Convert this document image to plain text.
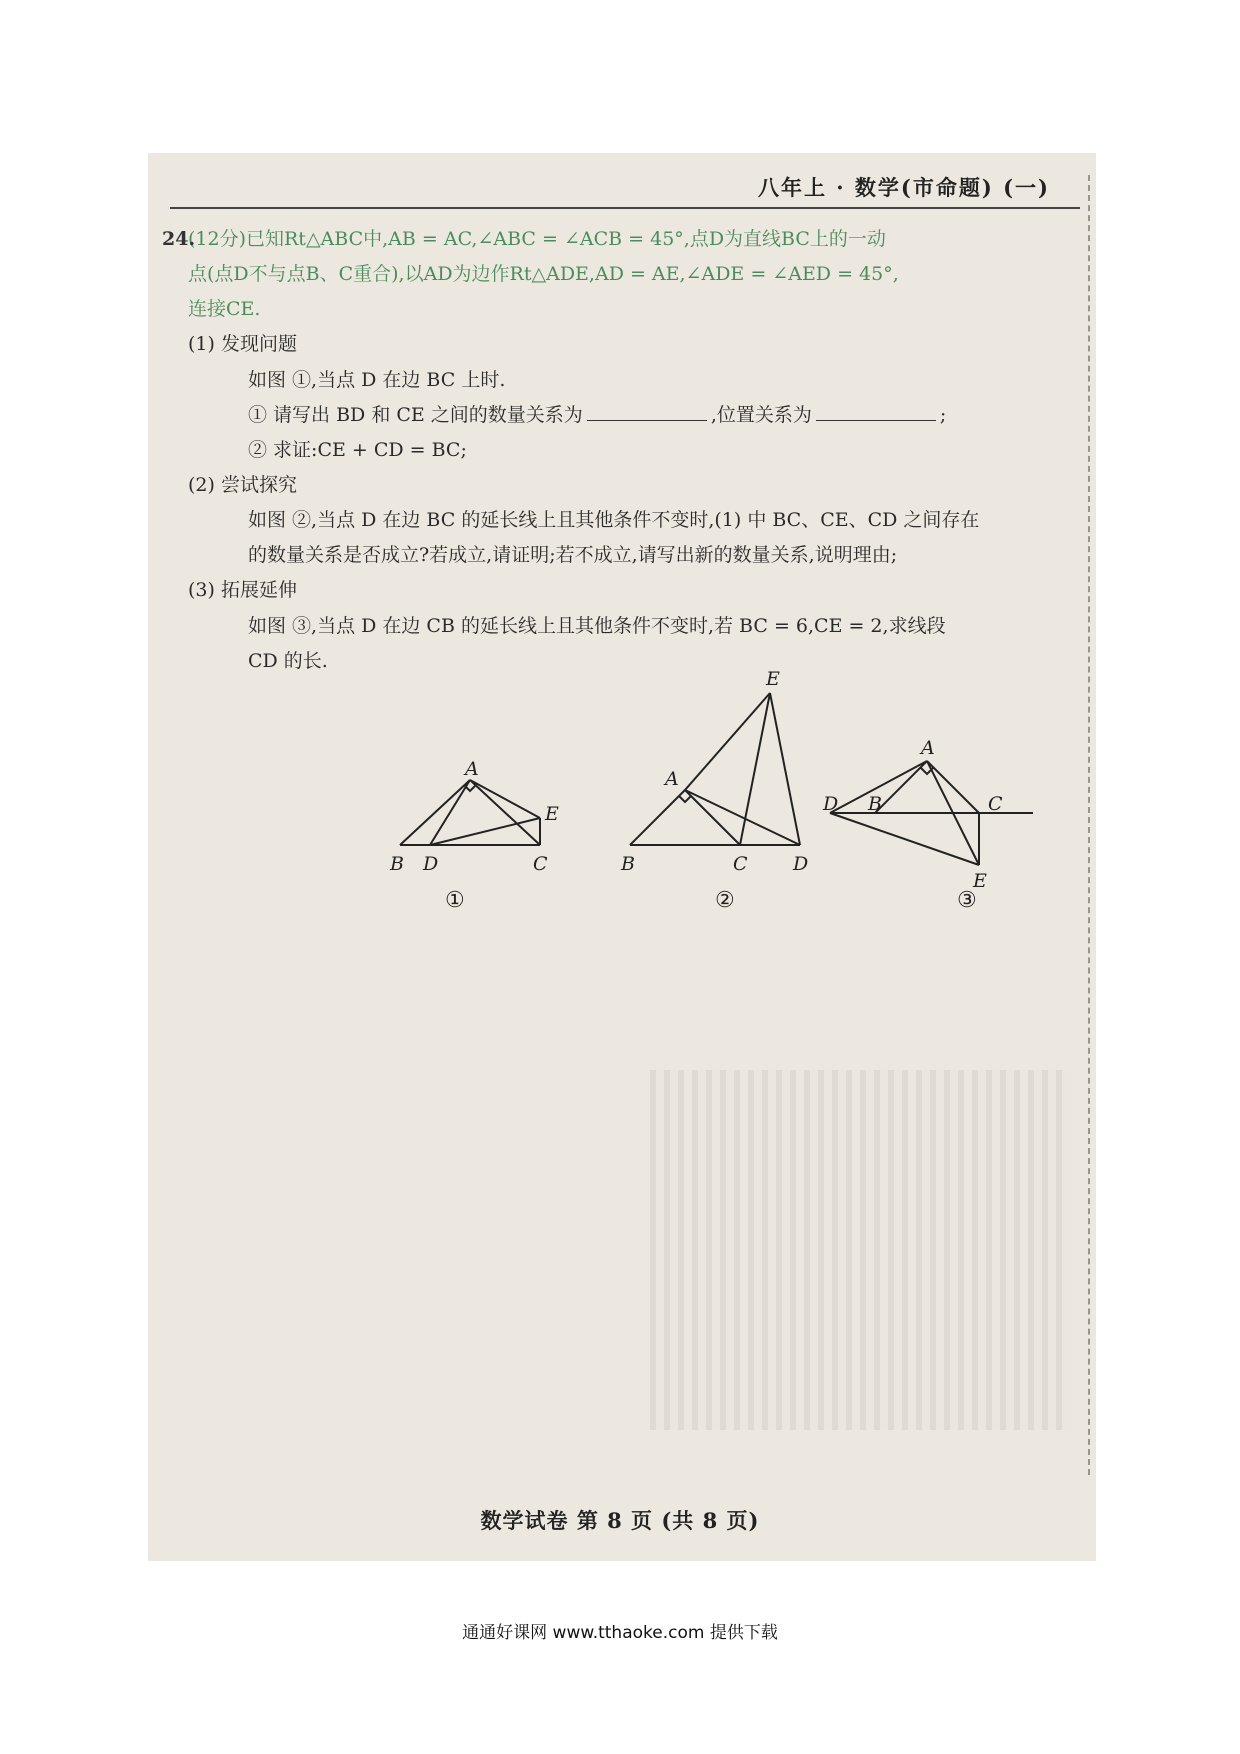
八年上 · 数学(市命题) (一)
24.

(12分)已知Rt△ABC中,AB = AC,∠ABC = ∠ACB = 45°,点D为直线BC上的一动

点(点D不与点B、C重合),以AD为边作Rt△ADE,AD = AE,∠ADE = ∠AED = 45°,

连接CE.

(1) 发现问题

如图 ①,当点 D 在边 BC 上时.

① 请写出 BD 和 CE 之间的数量关系为	,位置关系为	;

② 求证:CE + CD = BC;

(2) 尝试探究

如图 ②,当点 D 在边 BC 的延长线上且其他条件不变时,(1) 中 BC、CE、CD 之间存在

的数量关系是否成立?若成立,请证明;若不成立,请写出新的数量关系,说明理由;

(3) 拓展延伸

如图 ③,当点 D 在边 CB 的延长线上且其他条件不变时,若 BC = 6,CE = 2,求线段

CD 的长.

A
B D	C
E
①
A
B	C D
E
②
A
D B	C
E
③
数学试卷 第 8 页 (共 8 页)
通通好课网 www.tthaoke.com 提供下载
